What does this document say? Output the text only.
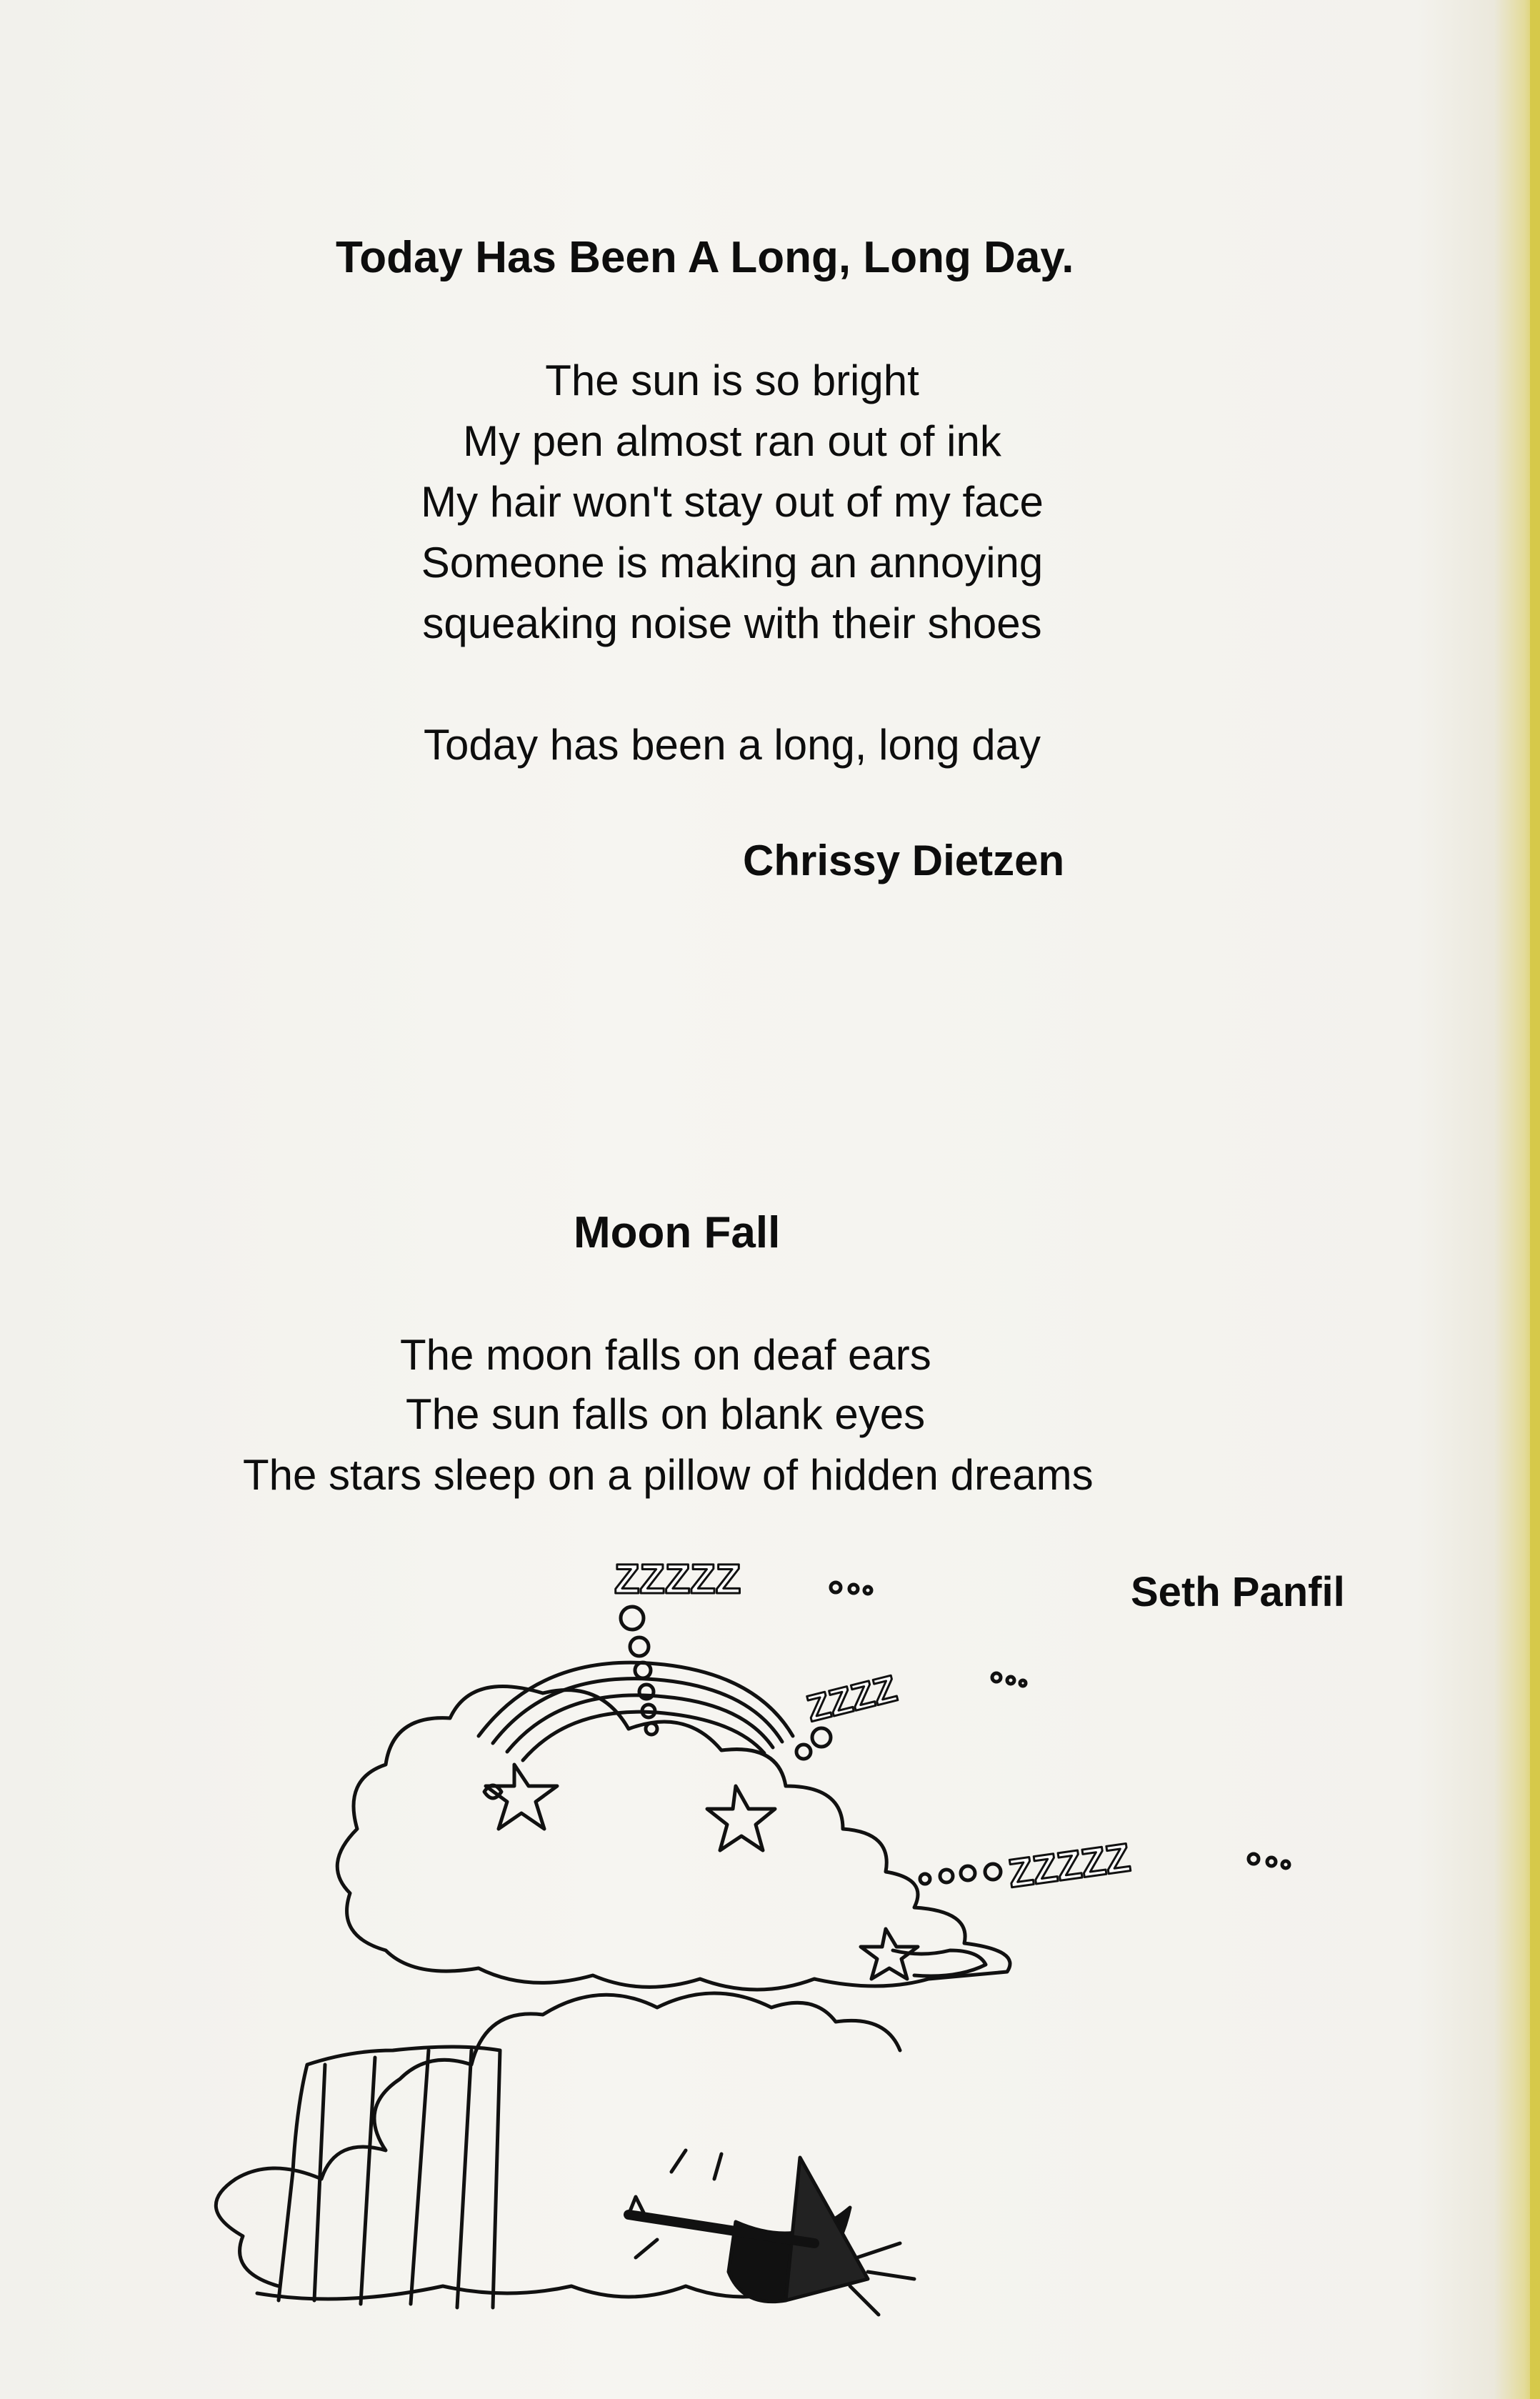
Today Has Been A Long, Long Day.
The sun is so bright
My pen almost ran out of ink
My hair won't stay out of my face
Someone is making an annoying
squeaking noise with their shoes
Today has been a long, long day
Chrissy Dietzen
Moon Fall
The moon falls on deaf ears
The sun falls on blank eyes
The stars sleep on a pillow of hidden dreams
Seth Panfil
ZZZZZ
ZZZZ
ZZZZZ
